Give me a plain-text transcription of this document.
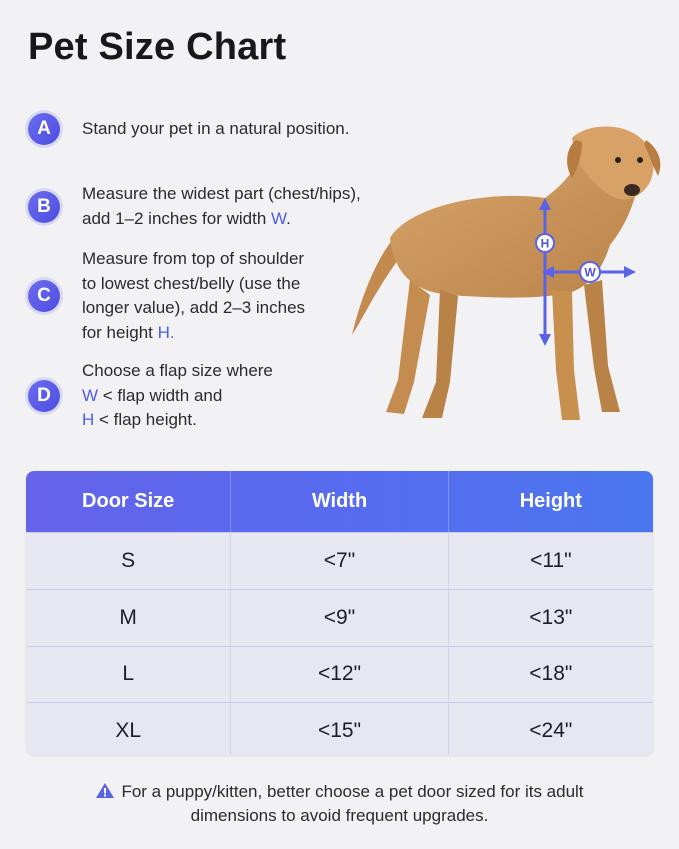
Pet Size Chart
A	Stand your pet in a natural position.
B
Measure the widest part (chest/hips),
add 1–2 inches for width W.
C
Measure from top of shoulder
to lowest chest/belly (use the
longer value), add 2–3 inches
for height H.
D
Choose a flap size where
W < flap width and
H < flap height.
H
W
Door Size	Width	Height
S	<7"	<11"
M	<9"	<13"
L	<12"	<18"
XL	<15"	<24"
For a puppy/kitten, better choose a pet door sized for its adult
dimensions to avoid frequent upgrades.
